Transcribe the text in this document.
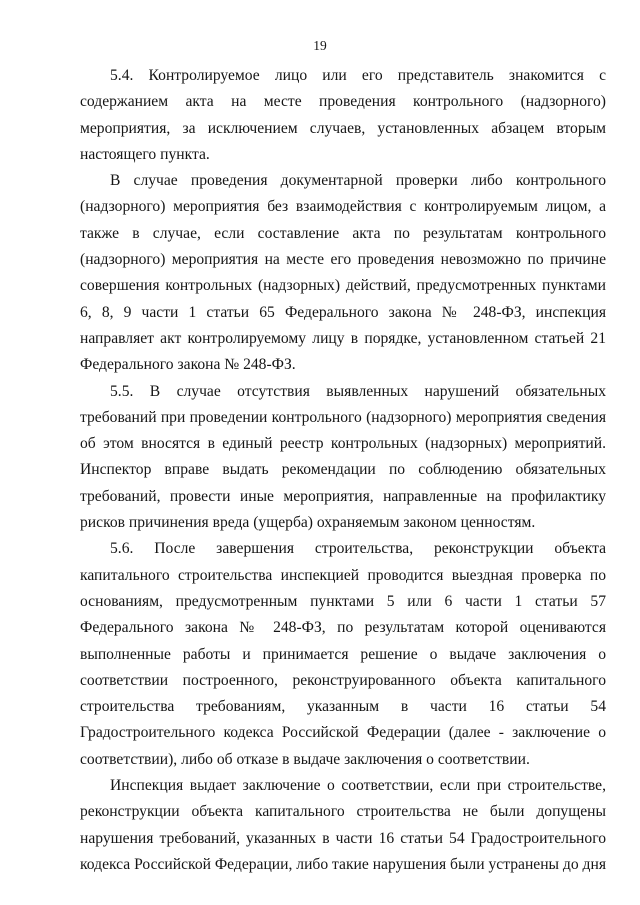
19

5.4. Контролируемое лицо или его представитель знакомится с содержанием акта на месте проведения контрольного (надзорного) мероприятия, за исключением случаев, установленных абзацем вторым настоящего пункта.

В случае проведения документарной проверки либо контрольного (надзорного) мероприятия без взаимодействия с контролируемым лицом, а также в случае, если составление акта по результатам контрольного (надзорного) мероприятия на месте его проведения невозможно по причине совершения контрольных (надзорных) действий, предусмотренных пунктами 6, 8, 9 части 1 статьи 65 Федерального закона № 248-ФЗ, инспекция направляет акт контролируемому лицу в порядке, установленном статьей 21 Федерального закона № 248-ФЗ.

5.5. В случае отсутствия выявленных нарушений обязательных требований при проведении контрольного (надзорного) мероприятия сведения об этом вносятся в единый реестр контрольных (надзорных) мероприятий. Инспектор вправе выдать рекомендации по соблюдению обязательных требований, провести иные мероприятия, направленные на профилактику рисков причинения вреда (ущерба) охраняемым законом ценностям.

5.6. После завершения строительства, реконструкции объекта капитального строительства инспекцией проводится выездная проверка по основаниям, предусмотренным пунктами 5 или 6 части 1 статьи 57 Федерального закона № 248-ФЗ, по результатам которой оцениваются выполненные работы и принимается решение о выдаче заключения о соответствии построенного, реконструированного объекта капитального строительства требованиям, указанным в части 16 статьи 54 Градостроительного кодекса Российской Федерации (далее - заключение о соответствии), либо об отказе в выдаче заключения о соответствии.

Инспекция выдает заключение о соответствии, если при строительстве, реконструкции объекта капитального строительства не были допущены нарушения требований, указанных в части 16 статьи 54 Градостроительного кодекса Российской Федерации, либо такие нарушения были устранены до дня
